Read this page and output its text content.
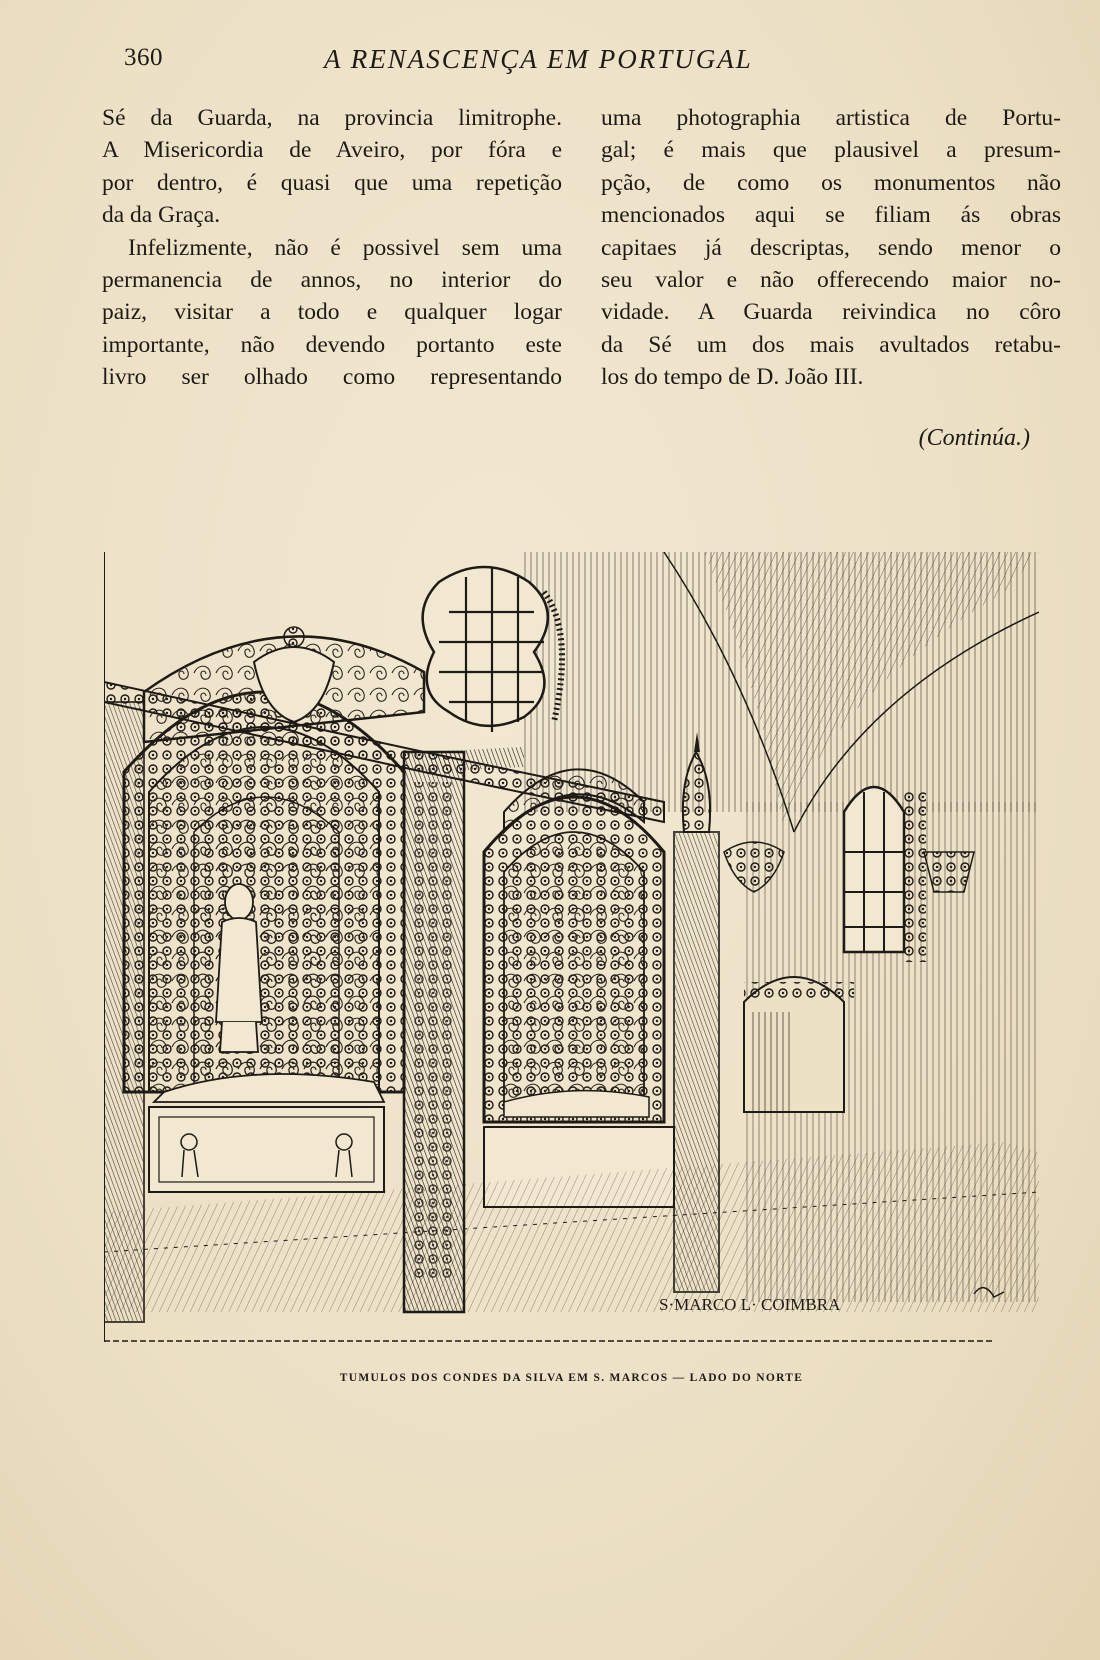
360	A RENASCENÇA EM PORTUGAL
Sé da Guarda, na provincia limitrophe.
A Misericordia de Aveiro, por fóra e
por dentro, é quasi que uma repetição
da da Graça.
Infelizmente, não é possivel sem uma
permanencia de annos, no interior do
paiz, visitar a todo e qualquer logar
importante, não devendo portanto este
livro ser olhado como representando
uma photographia artistica de Portu-
gal; é mais que plausivel a presum-
pção, de como os monumentos não
mencionados aqui se filiam ás obras
capitaes já descriptas, sendo menor o
seu valor e não offerecendo maior no-
vidade. A Guarda reivindica no côro
da Sé um dos mais avultados retabu-
los do tempo de D. João III.
(Continúa.)
S·MARCO L· COIMBRA
TUMULOS DOS CONDES DA SILVA EM S. MARCOS — LADO DO NORTE
